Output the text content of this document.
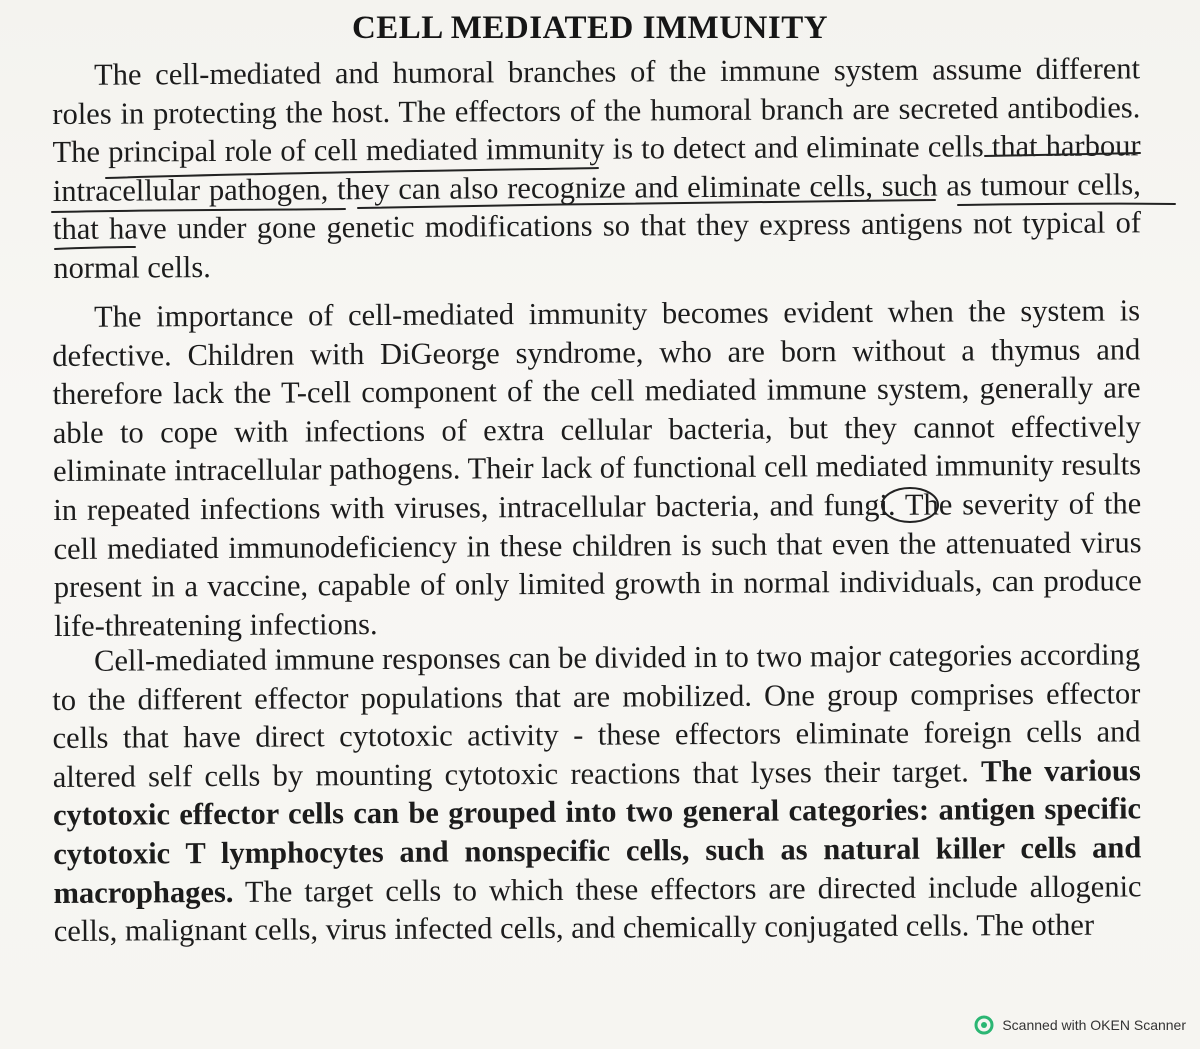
CELL MEDIATED IMMUNITY
The cell-mediated and humoral branches of the immune system assume different roles in protecting the host. The effectors of the humoral branch are secreted antibodies. The principal role of cell mediated immunity is to detect and eliminate cells that harbour intracellular pathogen, they can also recognize and eliminate cells, such as tumour cells, that have under gone genetic modifications so that they express antigens not typical of normal cells.
The importance of cell-mediated immunity becomes evident when the system is defective. Children with DiGeorge syndrome, who are born without a thymus and therefore lack the T-cell component of the cell mediated immune system, generally are able to cope with infections of extra cellular bacteria, but they cannot effectively eliminate intracellular pathogens. Their lack of functional cell mediated immunity results in repeated infections with viruses, intracellular bacteria, and fungi. The severity of the cell mediated immunodeficiency in these children is such that even the attenuated virus present in a vaccine, capable of only limited growth in normal individuals, can produce life-threatening infections.
Cell-mediated immune responses can be divided in to two major categories according to the different effector populations that are mobilized. One group comprises effector cells that have direct cytotoxic activity - these effectors eliminate foreign cells and altered self cells by mounting cytotoxic reactions that lyses their target. The various cytotoxic effector cells can be grouped into two general categories: antigen specific cytotoxic T lymphocytes and nonspecific cells, such as natural killer cells and macrophages. The target cells to which these effectors are directed include allogenic cells, malignant cells, virus infected cells, and chemically conjugated cells. The other
Scanned with OKEN Scanner
